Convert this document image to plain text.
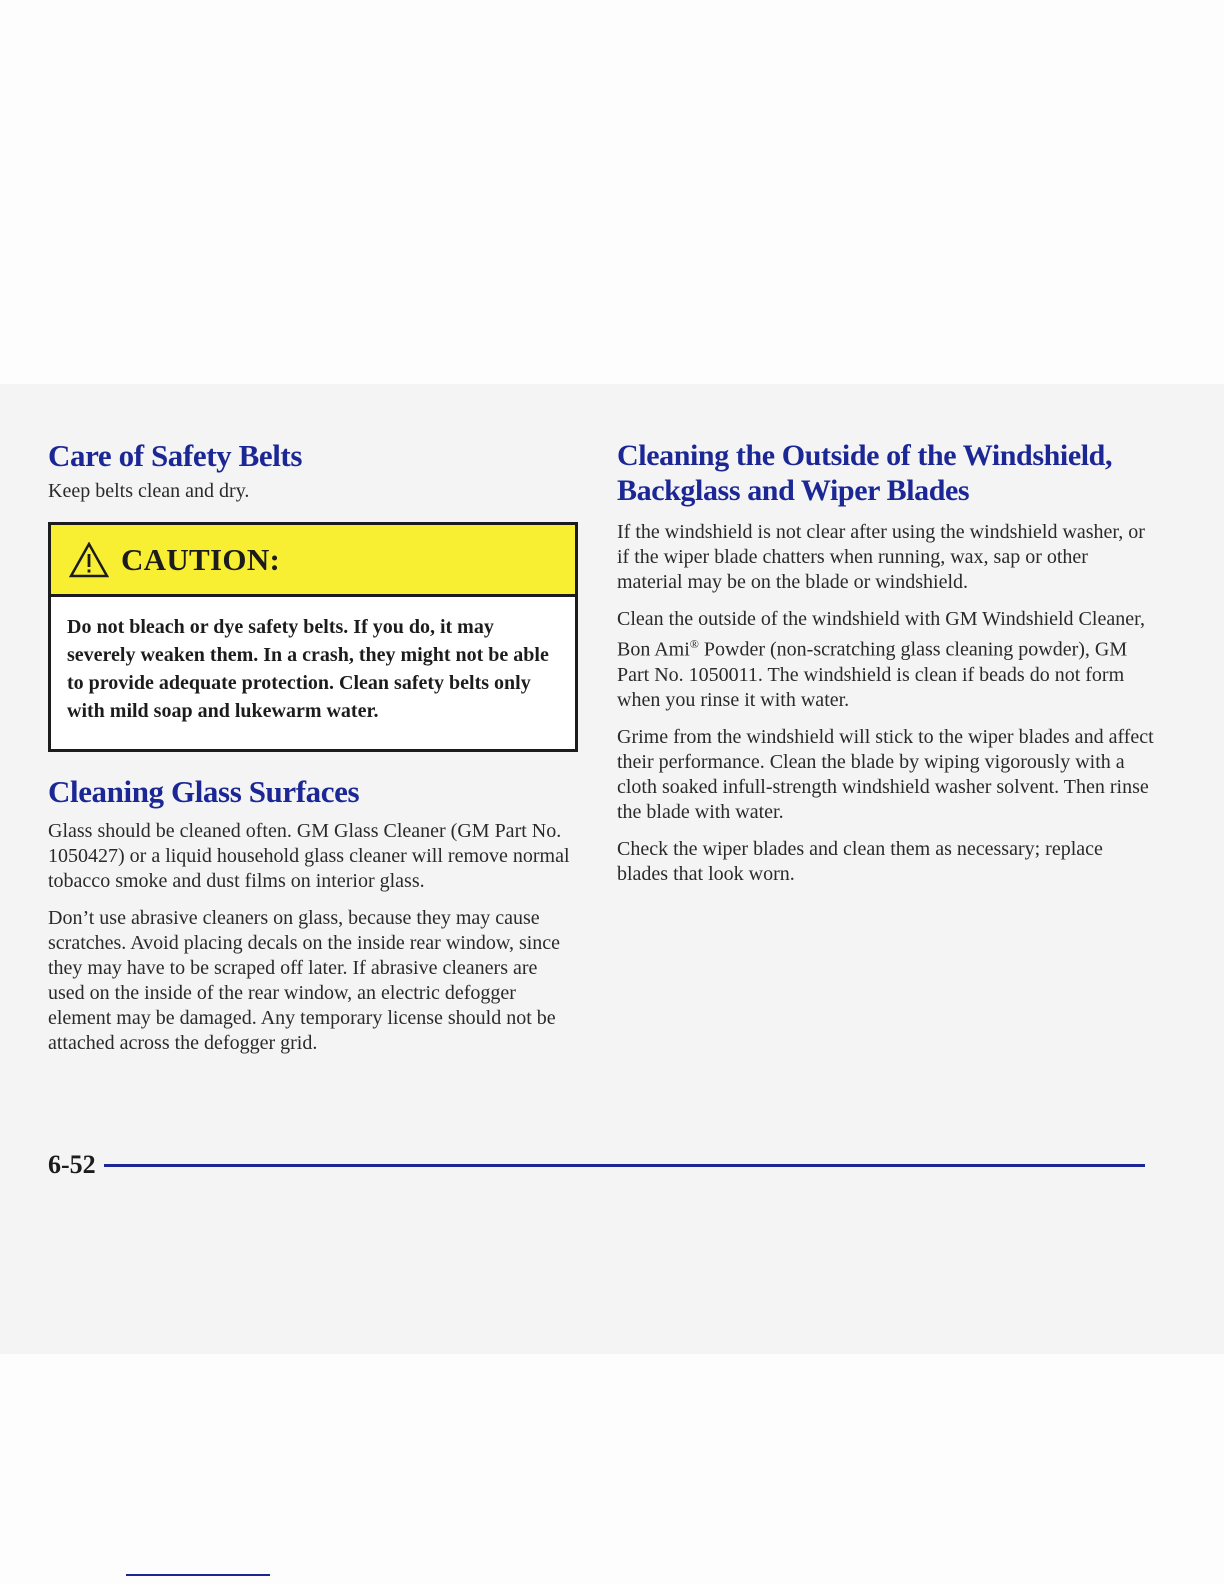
Care of Safety Belts

Keep belts clean and dry.

CAUTION:
Do not bleach or dye safety belts. If you do, it may severely weaken them. In a crash, they might not be able to provide adequate protection. Clean safety belts only with mild soap and lukewarm water.
Cleaning Glass Surfaces

Glass should be cleaned often. GM Glass Cleaner (GM Part No. 1050427) or a liquid household glass cleaner will remove normal tobacco smoke and dust films on interior glass.

Don’t use abrasive cleaners on glass, because they may cause scratches. Avoid placing decals on the inside rear window, since they may have to be scraped off later. If abrasive cleaners are used on the inside of the rear window, an electric defogger element may be damaged. Any temporary license should not be attached across the defogger grid.

Cleaning the Outside of the Windshield, Backglass and Wiper Blades

If the windshield is not clear after using the windshield washer, or if the wiper blade chatters when running, wax, sap or other material may be on the blade or windshield.

Clean the outside of the windshield with GM Windshield Cleaner, Bon Ami® Powder (non-scratching glass cleaning powder), GM Part No. 1050011. The windshield is clean if beads do not form when you rinse it with water.

Grime from the windshield will stick to the wiper blades and affect their performance. Clean the blade by wiping vigorously with a cloth soaked infull-strength windshield washer solvent. Then rinse the blade with water.

Check the wiper blades and clean them as necessary; replace blades that look worn.

6-52
